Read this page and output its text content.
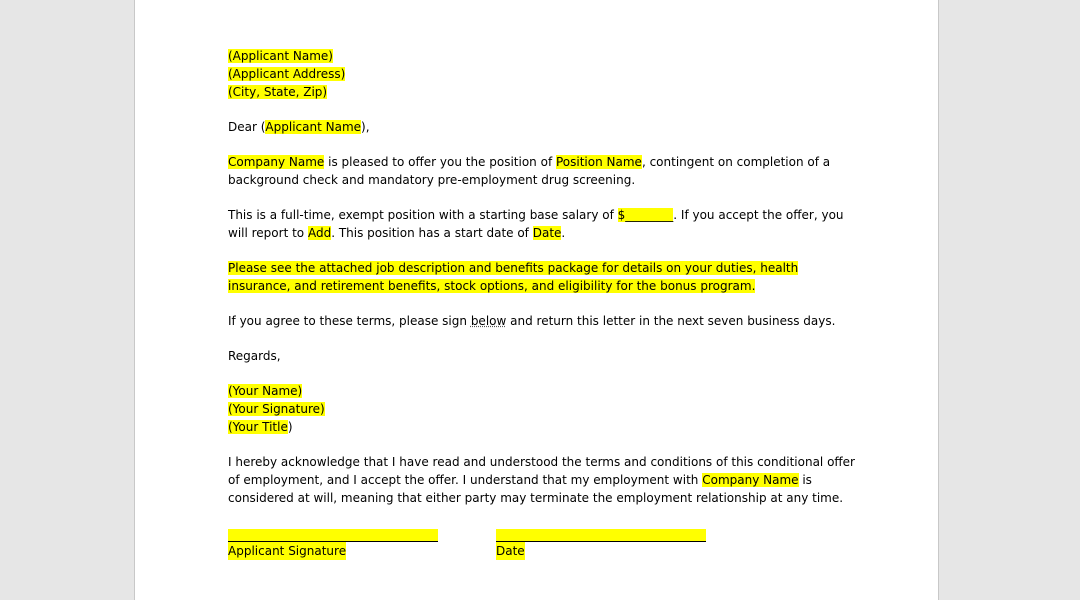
(Applicant Name)
(Applicant Address)
(City, State, Zip)
Dear (Applicant Name),
Company Name is pleased to offer you the position of Position Name, contingent on completion of a background check and mandatory pre-employment drug screening.
This is a full-time, exempt position with a starting base salary of $________. If you accept the offer, you will report to Add. This position has a start date of Date.
Please see the attached job description and benefits package for details on your duties, health insurance, and retirement benefits, stock options, and eligibility for the bonus program.
If you agree to these terms, please sign below and return this letter in the next seven business days.
Regards,
(Your Name)
(Your Signature)
(Your Title)
I hereby acknowledge that I have read and understood the terms and conditions of this conditional offer of employment, and I accept the offer. I understand that my employment with Company Name is considered at will, meaning that either party may terminate the employment relationship at any time.
Applicant Signature	Date
